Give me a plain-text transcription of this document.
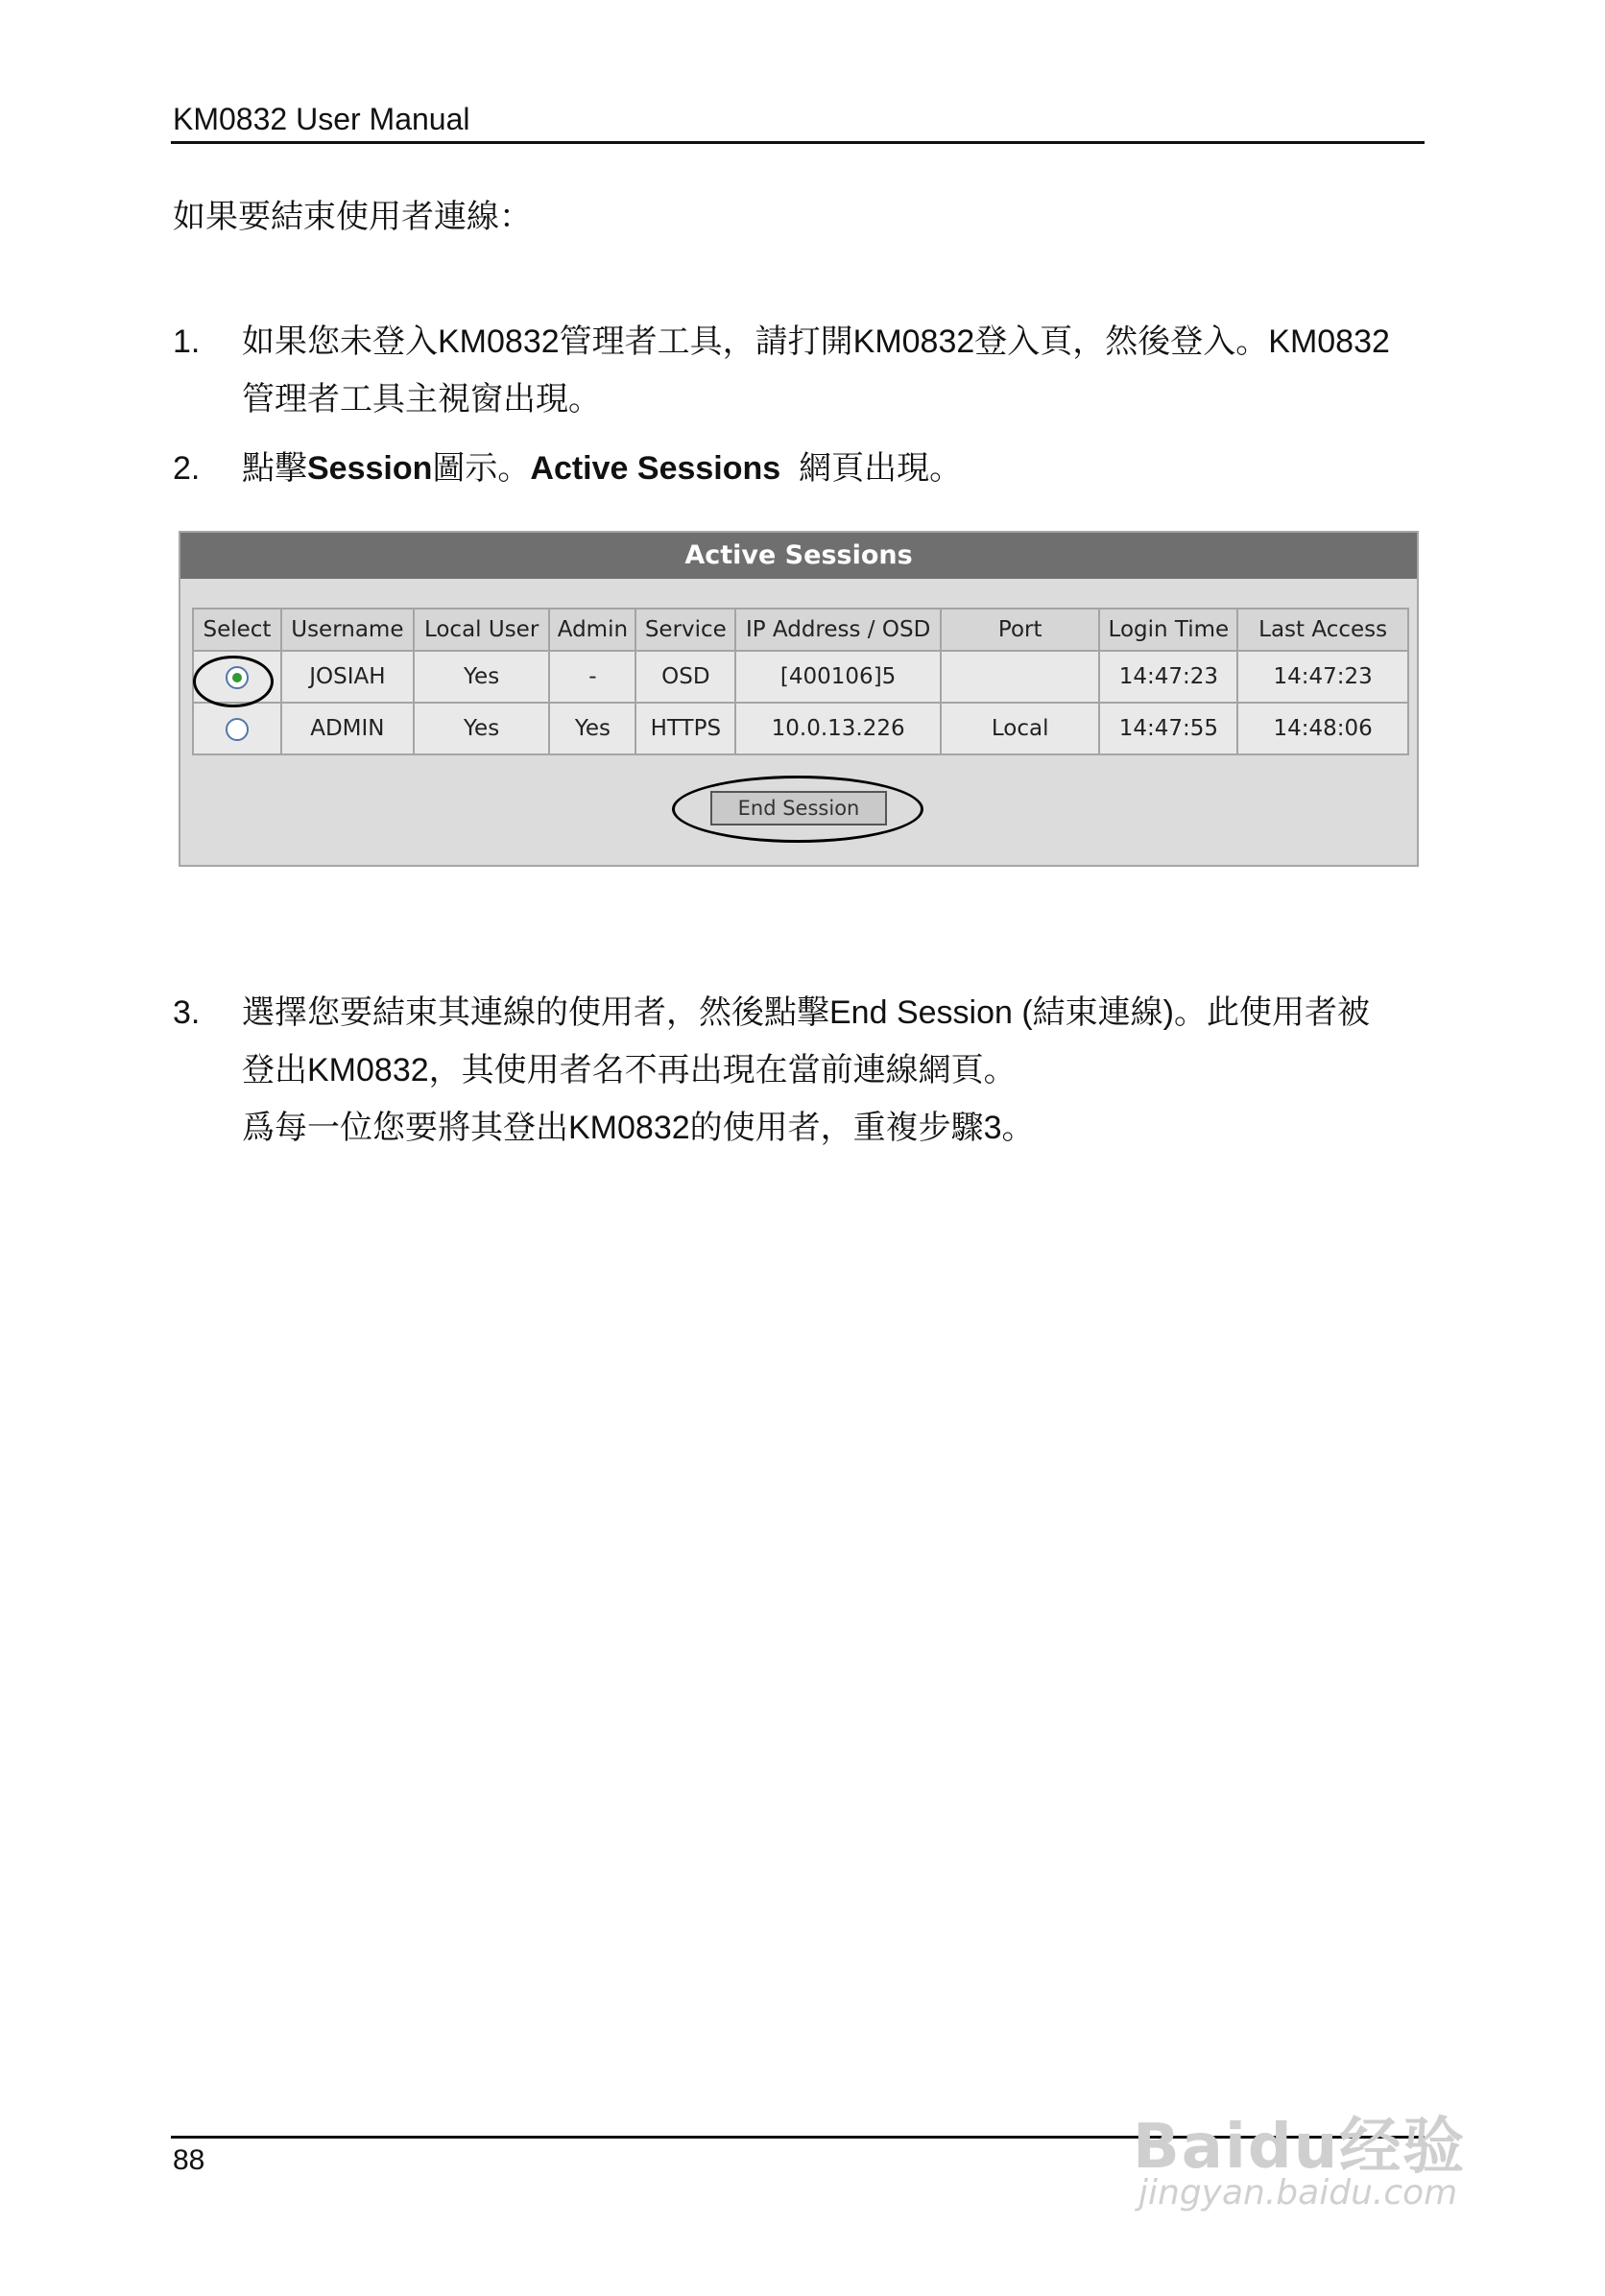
KM0832 User Manual
如果要結束使用者連線：
1.	如果您未登入KM0832管理者工具，請打開KM0832登入頁，然後登入。KM0832
管理者工具主視窗出現。
2.	點擊Session圖示。Active Sessions  網頁出現。
Active Sessions
Select	Username	Local User	Admin	Service	IP Address / OSD	Port	Login Time	Last Access
	JOSIAH	Yes	-	OSD	[400106]5		14:47:23	14:47:23
	ADMIN	Yes	Yes	HTTPS	10.0.13.226	Local	14:47:55	14:48:06
End Session
3.	選擇您要結束其連線的使用者，然後點擊End Session (結束連線)。此使用者被
登出KM0832，其使用者名不再出現在當前連線網頁。
爲每一位您要將其登出KM0832的使用者，重複步驟3。
88	Baidu经验
jingyan.baidu.com
